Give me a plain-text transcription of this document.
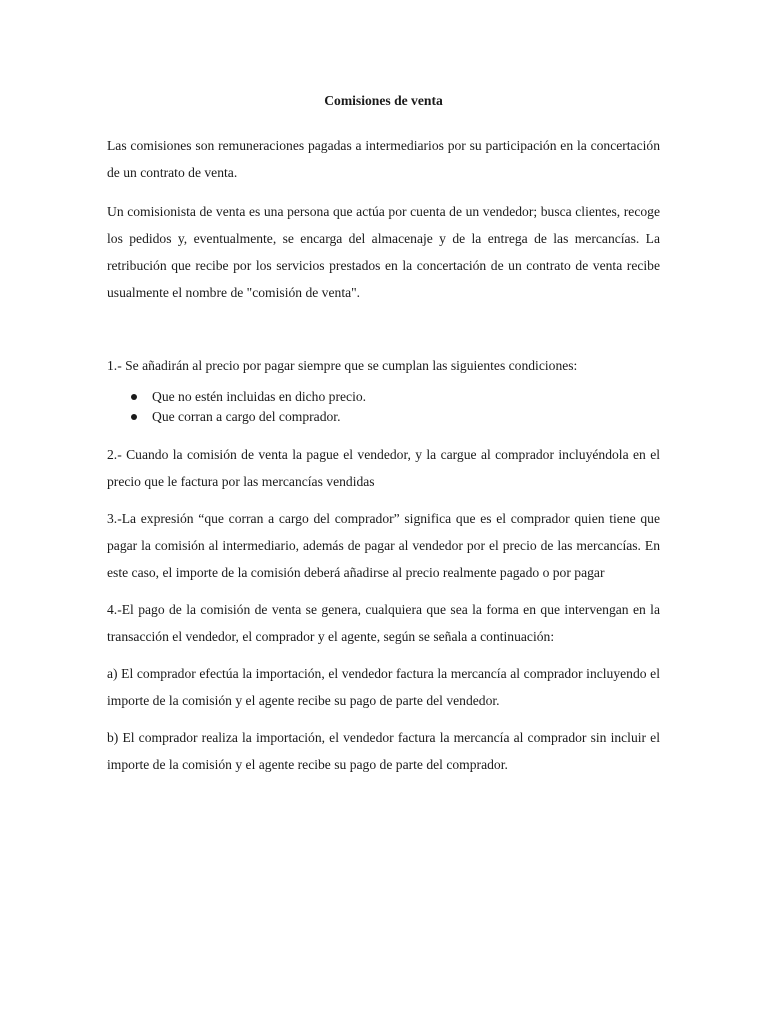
Comisiones de venta

Las comisiones son remuneraciones pagadas a intermediarios por su participación en la concertación de un contrato de venta.

Un comisionista de venta es una persona que actúa por cuenta de un vendedor; busca clientes, recoge los pedidos y, eventualmente, se encarga del almacenaje y de la entrega de las mercancías. La retribución que recibe por los servicios prestados en la concertación de un contrato de venta recibe usualmente el nombre de "comisión de venta".

1.- Se añadirán al precio por pagar siempre que se cumplan las siguientes condiciones:

Que no estén incluidas en dicho precio.
Que corran a cargo del comprador.

2.- Cuando la comisión de venta la pague el vendedor, y la cargue al comprador incluyéndola en el precio que le factura por las mercancías vendidas

3.-La expresión “que corran a cargo del comprador” significa que es el comprador quien tiene que pagar la comisión al intermediario, además de pagar al vendedor por el precio de las mercancías. En este caso, el importe de la comisión deberá añadirse al precio realmente pagado o por pagar

4.-El pago de la comisión de venta se genera, cualquiera que sea la forma en que intervengan en la transacción el vendedor, el comprador y el agente, según se señala a continuación:

a) El comprador efectúa la importación, el vendedor factura la mercancía al comprador incluyendo el importe de la comisión y el agente recibe su pago de parte del vendedor.

b) El comprador realiza la importación, el vendedor factura la mercancía al comprador sin incluir el importe de la comisión y el agente recibe su pago de parte del comprador.
